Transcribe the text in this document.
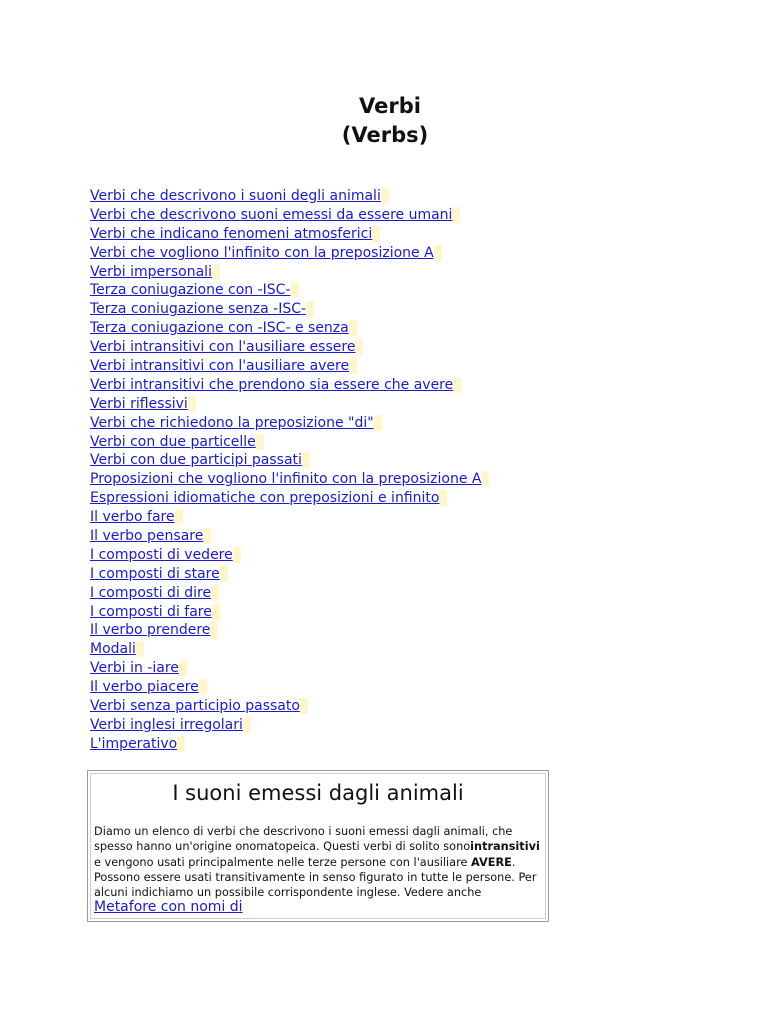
Verbi
(Verbs)
Verbi che descrivono i suoni degli animali
Verbi che descrivono suoni emessi da essere umani
Verbi che indicano fenomeni atmosferici
Verbi che vogliono l'infinito con la preposizione A
Verbi impersonali
Terza coniugazione con -ISC-
Terza coniugazione senza -ISC-
Terza coniugazione con -ISC- e senza
Verbi intransitivi con l'ausiliare essere
Verbi intransitivi con l'ausiliare avere
Verbi intransitivi che prendono sia essere che avere
Verbi riflessivi
Verbi che richiedono la preposizione "di"
Verbi con due particelle
Verbi con due participi passati
Proposizioni che vogliono l'infinito con la preposizione A
Espressioni idiomatiche con preposizioni e infinito
Il verbo fare
Il verbo pensare
I composti di vedere
I composti di stare
I composti di dire
I composti di fare
Il verbo prendere
Modali
Verbi in -iare
Il verbo piacere
Verbi senza participio passato
Verbi inglesi irregolari
L'imperativo
I suoni emessi dagli animali

Diamo un elenco di verbi che descrivono i suoni emessi dagli animali, che spesso hanno un'origine onomatopeica. Questi verbi di solito sonointransitivi e vengono usati principalmente nelle terze persone con l'ausiliare AVERE. Possono essere usati transitivamente in senso figurato in tutte le persone. Per alcuni indichiamo un possibile corrispondente inglese. Vedere anche Metafore con nomi di
